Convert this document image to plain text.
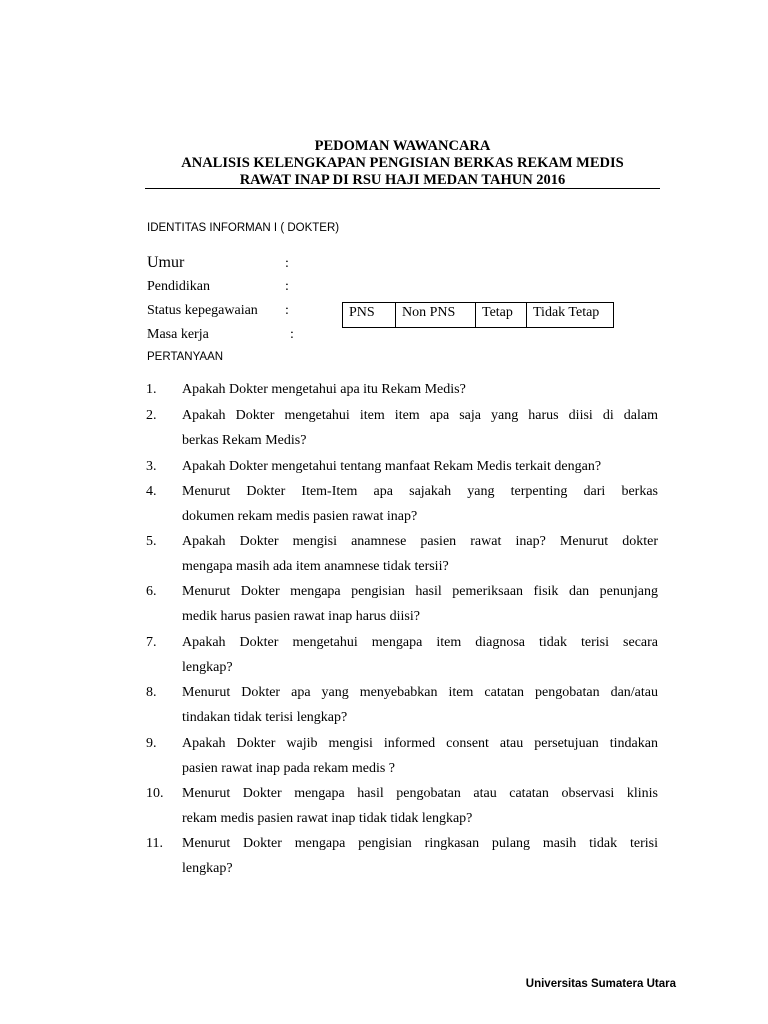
PEDOMAN WAWANCARA
ANALISIS KELENGKAPAN PENGISIAN BERKAS REKAM MEDIS
RAWAT INAP DI RSU HAJI MEDAN TAHUN 2016
IDENTITAS INFORMAN I ( DOKTER)
Umur	:
Pendidikan	:
Status kepegawaian :	PNS	Non PNS	Tetap	Tidak Tetap
Masa kerja	:
PERTANYAAN
1. Apakah Dokter mengetahui apa itu Rekam Medis?
2. Apakah Dokter mengetahui item item apa saja yang harus diisi di dalam
berkas Rekam Medis?
3. Apakah Dokter mengetahui tentang manfaat Rekam Medis terkait dengan?
4. Menurut Dokter Item-Item apa sajakah yang terpenting dari berkas
dokumen rekam medis pasien rawat inap?
5. Apakah Dokter mengisi anamnese pasien rawat inap? Menurut dokter
mengapa masih ada item anamnese tidak tersii?
6. Menurut Dokter mengapa pengisian hasil pemeriksaan fisik dan penunjang
medik harus pasien rawat inap harus diisi?
7. Apakah Dokter mengetahui mengapa item diagnosa tidak terisi secara
lengkap?
8. Menurut Dokter apa yang menyebabkan item catatan pengobatan dan/atau
tindakan tidak terisi lengkap?
9. Apakah Dokter wajib mengisi informed consent atau persetujuan tindakan
pasien rawat inap pada rekam medis ?
10. Menurut Dokter mengapa hasil pengobatan atau catatan observasi klinis
rekam medis pasien rawat inap tidak tidak lengkap?
11. Menurut Dokter mengapa pengisian ringkasan pulang masih tidak terisi
lengkap?
Universitas Sumatera Utara
